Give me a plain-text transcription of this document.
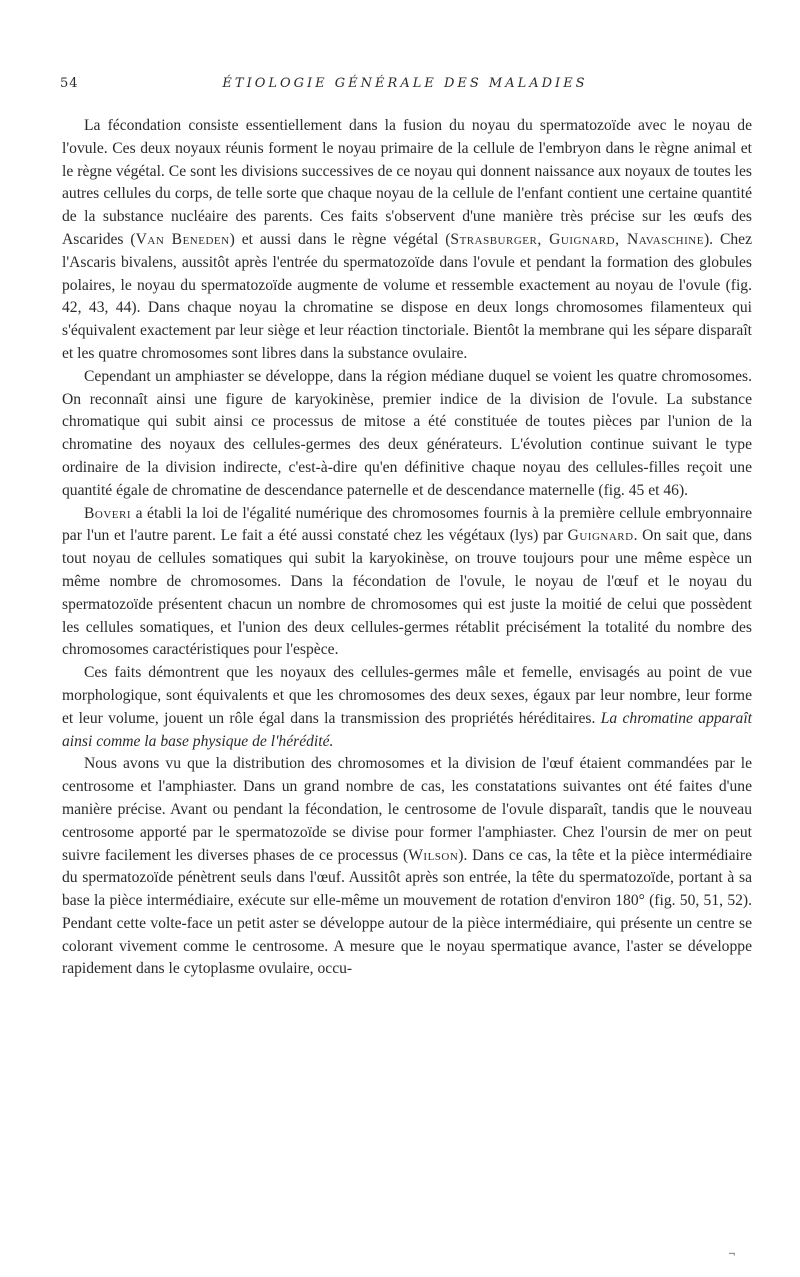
54	ÉTIOLOGIE GÉNÉRALE DES MALADIES

La fécondation consiste essentiellement dans la fusion du noyau du spermatozoïde avec le noyau de l'ovule. Ces deux noyaux réunis forment le noyau primaire de la cellule de l'embryon dans le règne animal et le règne végétal. Ce sont les divisions successives de ce noyau qui donnent naissance aux noyaux de toutes les autres cellules du corps, de telle sorte que chaque noyau de la cellule de l'enfant contient une certaine quantité de la substance nucléaire des parents. Ces faits s'observent d'une manière très précise sur les œufs des Ascarides (Van Beneden) et aussi dans le règne végétal (Strasburger, Guignard, Navaschine). Chez l'Ascaris bivalens, aussitôt après l'entrée du spermatozoïde dans l'ovule et pendant la formation des globules polaires, le noyau du spermatozoïde augmente de volume et ressemble exactement au noyau de l'ovule (fig. 42, 43, 44). Dans chaque noyau la chromatine se dispose en deux longs chromosomes filamenteux qui s'équivalent exactement par leur siège et leur réaction tinctoriale. Bientôt la membrane qui les sépare disparaît et les quatre chromosomes sont libres dans la substance ovulaire.

Cependant un amphiaster se développe, dans la région médiane duquel se voient les quatre chromosomes. On reconnaît ainsi une figure de karyokinèse, premier indice de la division de l'ovule. La substance chromatique qui subit ainsi ce processus de mitose a été constituée de toutes pièces par l'union de la chromatine des noyaux des cellules-germes des deux générateurs. L'évolution continue suivant le type ordinaire de la division indirecte, c'est-à-dire qu'en définitive chaque noyau des cellules-filles reçoit une quantité égale de chromatine de descendance paternelle et de descendance maternelle (fig. 45 et 46).

Boveri a établi la loi de l'égalité numérique des chromosomes fournis à la première cellule embryonnaire par l'un et l'autre parent. Le fait a été aussi constaté chez les végétaux (lys) par Guignard. On sait que, dans tout noyau de cellules somatiques qui subit la karyokinèse, on trouve toujours pour une même espèce un même nombre de chromosomes. Dans la fécondation de l'ovule, le noyau de l'œuf et le noyau du spermatozoïde présentent chacun un nombre de chromosomes qui est juste la moitié de celui que possèdent les cellules somatiques, et l'union des deux cellules-germes rétablit précisément la totalité du nombre des chromosomes caractéristiques pour l'espèce.

Ces faits démontrent que les noyaux des cellules-germes mâle et femelle, envisagés au point de vue morphologique, sont équivalents et que les chromosomes des deux sexes, égaux par leur nombre, leur forme et leur volume, jouent un rôle égal dans la transmission des propriétés héréditaires. La chromatine apparaît ainsi comme la base physique de l'hérédité.

Nous avons vu que la distribution des chromosomes et la division de l'œuf étaient commandées par le centrosome et l'amphiaster. Dans un grand nombre de cas, les constatations suivantes ont été faites d'une manière précise. Avant ou pendant la fécondation, le centrosome de l'ovule disparaît, tandis que le nouveau centrosome apporté par le spermatozoïde se divise pour former l'amphiaster. Chez l'oursin de mer on peut suivre facilement les diverses phases de ce processus (Wilson). Dans ce cas, la tête et la pièce intermédiaire du spermatozoïde pénètrent seuls dans l'œuf. Aussitôt après son entrée, la tête du spermatozoïde, portant à sa base la pièce intermédiaire, exécute sur elle-même un mouvement de rotation d'environ 180° (fig. 50, 51, 52). Pendant cette volte-face un petit aster se développe autour de la pièce intermédiaire, qui présente un centre se colorant vivement comme le centrosome. A mesure que le noyau spermatique avance, l'aster se développe rapidement dans le cytoplasme ovulaire, occu-

¬
